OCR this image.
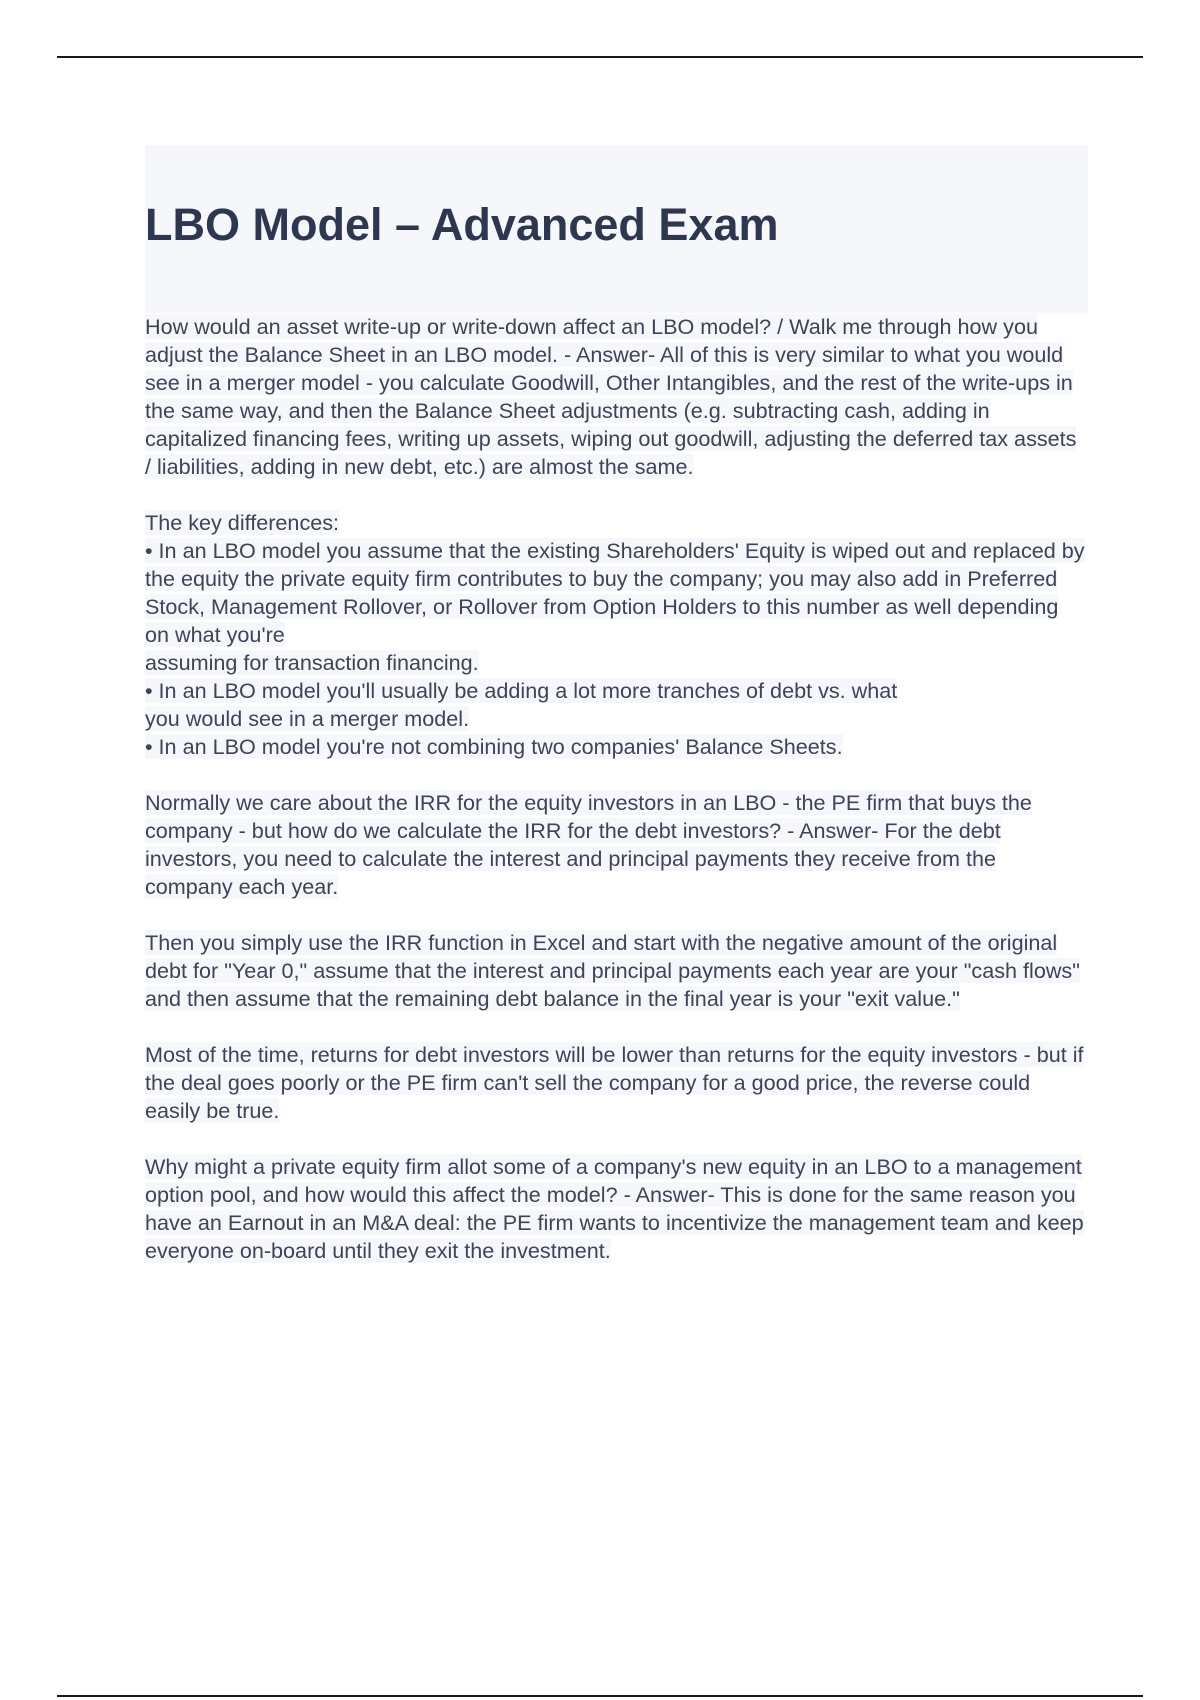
LBO Model – Advanced Exam

How would an asset write-up or write-down affect an LBO model? / Walk me through how you adjust the Balance Sheet in an LBO model. - Answer- All of this is very similar to what you would see in a merger model - you calculate Goodwill, Other Intangibles, and the rest of the write-ups in the same way, and then the Balance Sheet adjustments (e.g. subtracting cash, adding in capitalized financing fees, writing up assets, wiping out goodwill, adjusting the deferred tax assets / liabilities, adding in new debt, etc.) are almost the same.

The key differences:
• In an LBO model you assume that the existing Shareholders' Equity is wiped out and replaced by the equity the private equity firm contributes to buy the company; you may also add in Preferred Stock, Management Rollover, or Rollover from Option Holders to this number as well depending on what you're
assuming for transaction financing.
• In an LBO model you'll usually be adding a lot more tranches of debt vs. what
you would see in a merger model.
• In an LBO model you're not combining two companies' Balance Sheets.

Normally we care about the IRR for the equity investors in an LBO - the PE firm that buys the company - but how do we calculate the IRR for the debt investors? - Answer- For the debt investors, you need to calculate the interest and principal payments they receive from the company each year.

Then you simply use the IRR function in Excel and start with the negative amount of the original debt for "Year 0," assume that the interest and principal payments each year are your "cash flows" and then assume that the remaining debt balance in the final year is your "exit value."

Most of the time, returns for debt investors will be lower than returns for the equity investors - but if the deal goes poorly or the PE firm can't sell the company for a good price, the reverse could easily be true.

Why might a private equity firm allot some of a company's new equity in an LBO to a management option pool, and how would this affect the model? - Answer- This is done for the same reason you have an Earnout in an M&A deal: the PE firm wants to incentivize the management team and keep everyone on-board until they exit the investment.
